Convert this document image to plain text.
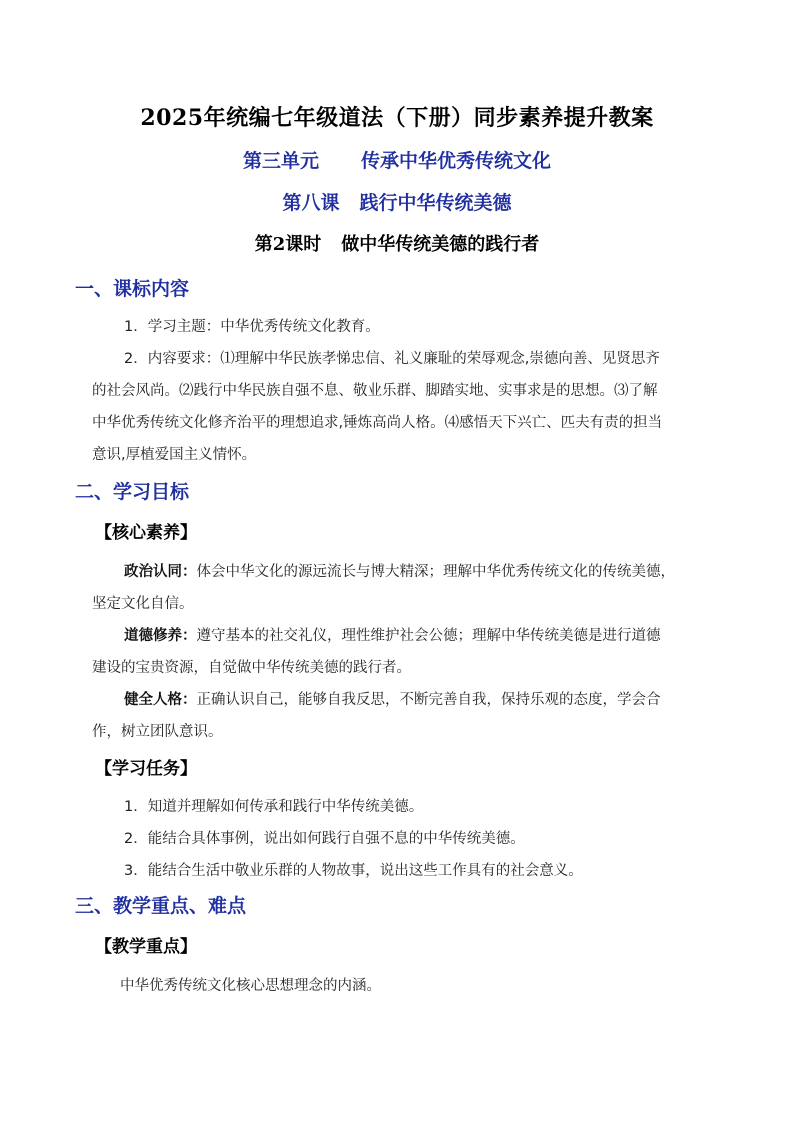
2025年统编七年级道法（下册）同步素养提升教案
第三单元 传承中华优秀传统文化
第八课 践行中华传统美德
第2课时 做中华传统美德的践行者
一、课标内容
1．学习主题：中华优秀传统文化教育。
2．内容要求：⑴理解中华民族孝悌忠信、礼义廉耻的荣辱观念,崇德向善、见贤思齐
的社会风尚。⑵践行中华民族自强不息、敬业乐群、脚踏实地、实事求是的思想。⑶了解
中华优秀传统文化修齐治平的理想追求,锤炼高尚人格。⑷感悟天下兴亡、匹夫有责的担当
意识,厚植爱国主义情怀。
二、学习目标
【核心素养】
政治认同：体会中华文化的源远流长与博大精深；理解中华优秀传统文化的传统美德，
坚定文化自信。
道德修养：遵守基本的社交礼仪，理性维护社会公德；理解中华传统美德是进行道德
建设的宝贵资源，自觉做中华传统美德的践行者。
健全人格：正确认识自己，能够自我反思，不断完善自我，保持乐观的态度，学会合
作，树立团队意识。
【学习任务】
1．知道并理解如何传承和践行中华传统美德。
2．能结合具体事例，说出如何践行自强不息的中华传统美德。
3．能结合生活中敬业乐群的人物故事，说出这些工作具有的社会意义。
三、教学重点、难点
【教学重点】
中华优秀传统文化核心思想理念的内涵。
